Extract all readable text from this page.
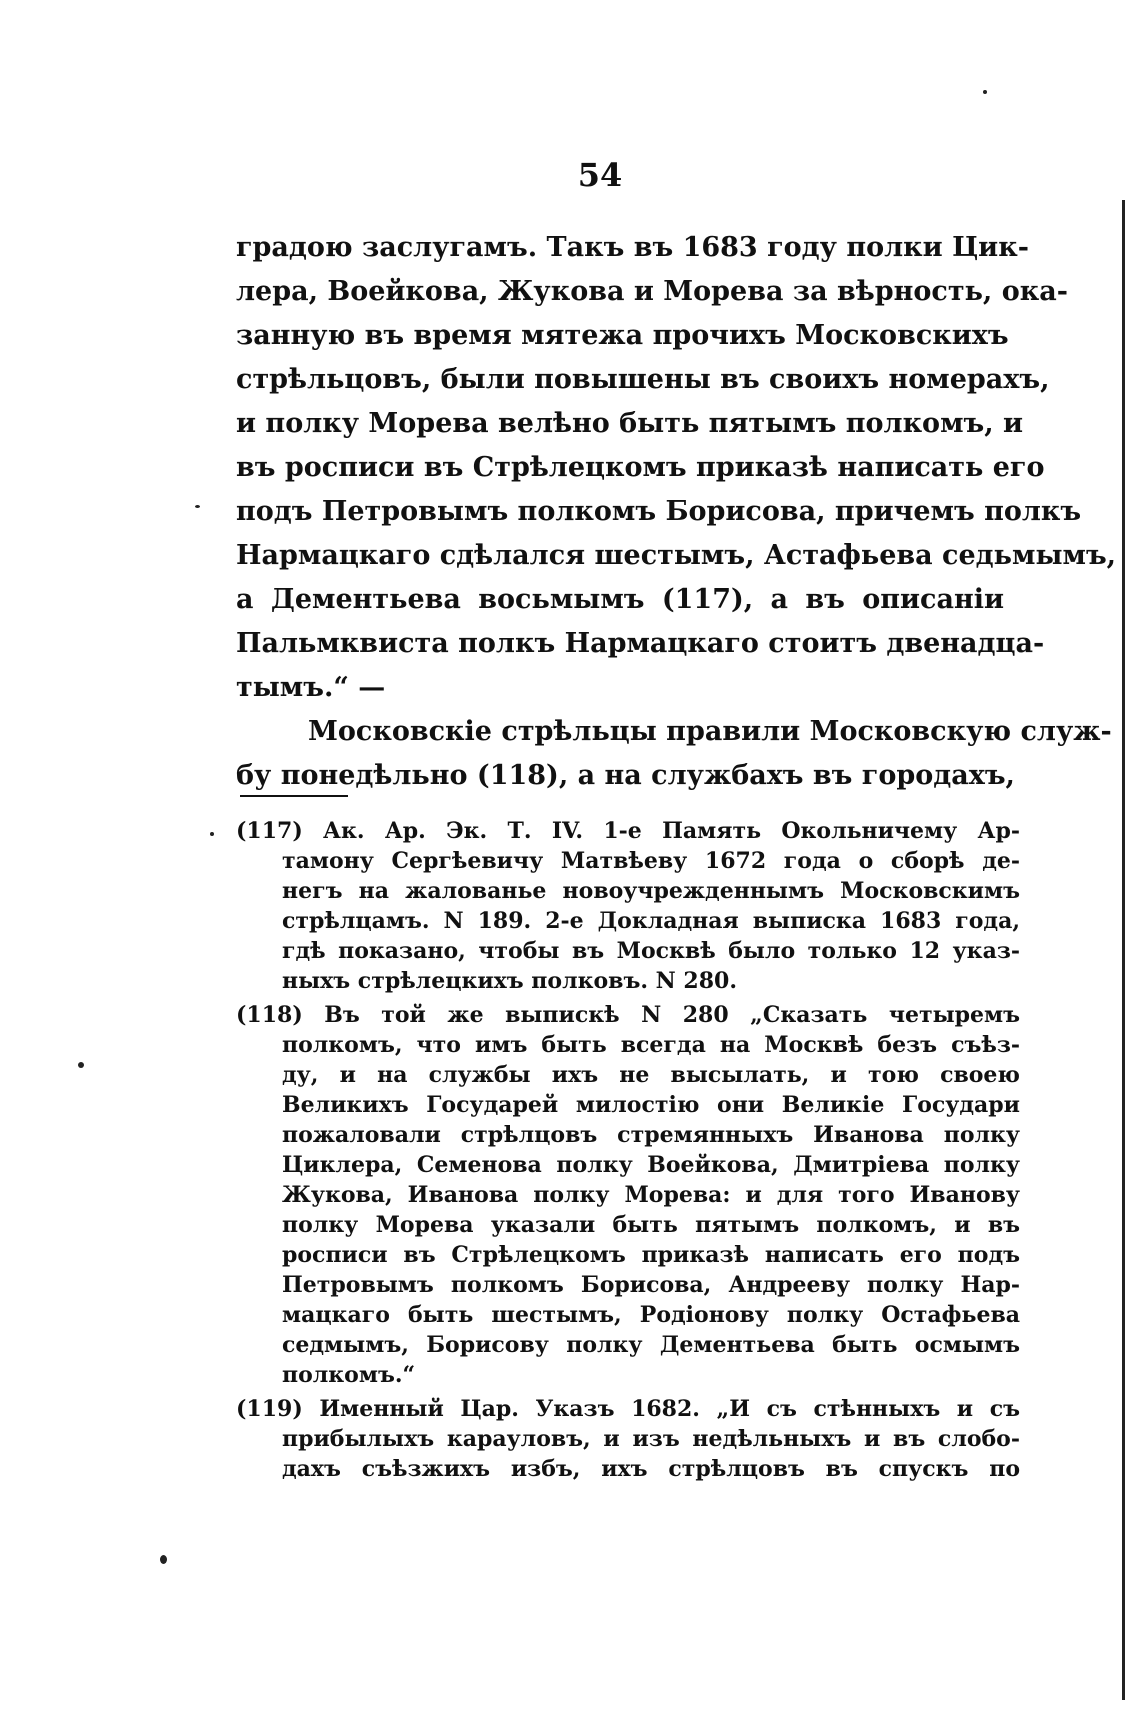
54
градою заслугамъ. Такъ въ 1683 году полки Цик-
лера, Воейкова, Жукова и Морева за вѣрность, ока-
занную въ время мятежа прочихъ Московскихъ
стрѣльцовъ, были повышены въ своихъ номерахъ,
и полку Морева велѣно быть пятымъ полкомъ, и
въ росписи въ Стрѣлецкомъ приказѣ написать его
подъ Петровымъ полкомъ Борисова, причемъ полкъ
Нармацкаго сдѣлался шестымъ, Астафьева седьмымъ,
а Дементьева восьмымъ (117), а въ описаніи
Пальмквиста полкъ Нармацкаго стоитъ двенадца-
тымъ.“ —
Московскіе стрѣльцы правили Московскую служ-
бу понедѣльно (118), а на службахъ въ городахъ,
(117) Ак. Ар. Эк. Т. IV. 1-е Память Окольничему Ар-
тамону Сергѣевичу Матвѣеву 1672 года о сборѣ де-
негъ на жалованье новоучрежденнымъ Московскимъ
стрѣлцамъ. N 189. 2-е Докладная выписка 1683 года,
гдѣ показано, чтобы въ Москвѣ было только 12 указ-
ныхъ стрѣлецкихъ полковъ. N 280.
(118) Въ той же выпискѣ N 280 „Сказать четыремъ
полкомъ, что имъ быть всегда на Москвѣ безъ съѣз-
ду, и на службы ихъ не высылать, и тою своею
Великихъ Государей милостію они Великіе Государи
пожаловали стрѣлцовъ стремянныхъ Иванова полку
Циклера, Семенова полку Воейкова, Дмитріева полку
Жукова, Иванова полку Морева: и для того Иванову
полку Морева указали быть пятымъ полкомъ, и въ
росписи въ Стрѣлецкомъ приказѣ написать его подъ
Петровымъ полкомъ Борисова, Андрееву полку Нар-
мацкаго быть шестымъ, Родіонову полку Остафьева
седмымъ, Борисову полку Дементьева быть осмымъ
полкомъ.“
(119) Именный Цар. Указъ 1682. „И съ стѣнныхъ и съ
прибылыхъ карауловъ, и изъ недѣльныхъ и въ слобо-
дахъ съѣзжихъ избъ, ихъ стрѣлцовъ въ спускъ по
